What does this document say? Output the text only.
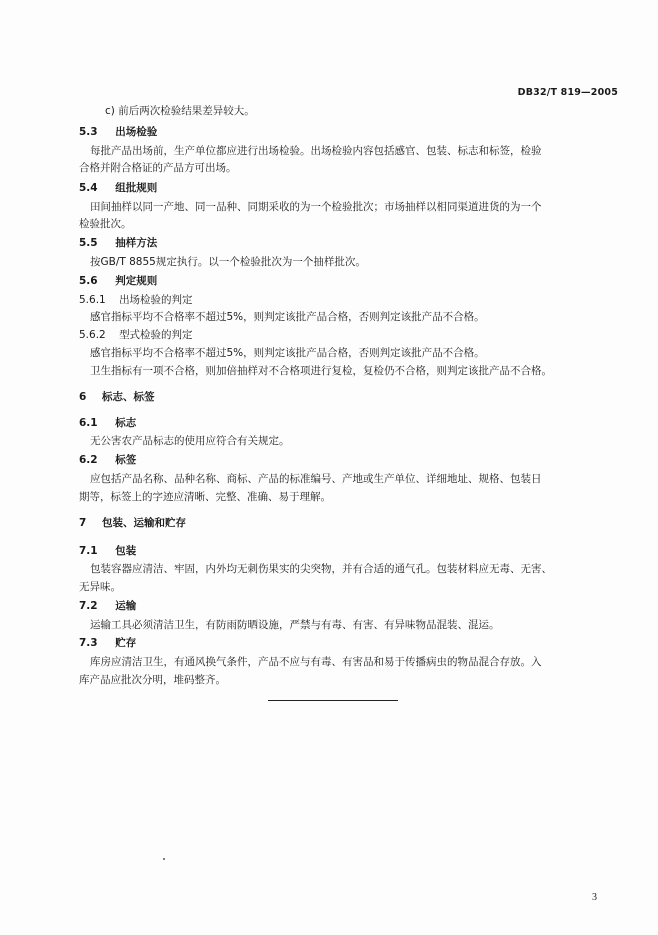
DB32/T 819—2005
c) 前后两次检验结果差异较大。
5.3 出场检验
每批产品出场前，生产单位都应进行出场检验。出场检验内容包括感官、包装、标志和标签，检验
合格并附合格证的产品方可出场。
5.4 组批规则
田间抽样以同一产地、同一品种、同期采收的为一个检验批次；市场抽样以相同渠道进货的为一个
检验批次。
5.5 抽样方法
按GB/T 8855规定执行。以一个检验批次为一个抽样批次。
5.6 判定规则
5.6.1 出场检验的判定
感官指标平均不合格率不超过5%，则判定该批产品合格，否则判定该批产品不合格。
5.6.2 型式检验的判定
感官指标平均不合格率不超过5%，则判定该批产品合格，否则判定该批产品不合格。
卫生指标有一项不合格，则加倍抽样对不合格项进行复检，复检仍不合格，则判定该批产品不合格。
6 标志、标签
6.1 标志
无公害农产品标志的使用应符合有关规定。
6.2 标签
应包括产品名称、品种名称、商标、产品的标准编号、产地或生产单位、详细地址、规格、包装日
期等，标签上的字迹应清晰、完整、准确、易于理解。
7 包装、运输和贮存
7.1 包装
包装容器应清洁、牢固，内外均无刺伤果实的尖突物，并有合适的通气孔。包装材料应无毒、无害、
无异味。
7.2 运输
运输工具必须清洁卫生，有防雨防晒设施，严禁与有毒、有害、有异味物品混装、混运。
7.3 贮存
库房应清洁卫生，有通风换气条件，产品不应与有毒、有害品和易于传播病虫的物品混合存放。入
库产品应批次分明，堆码整齐。
3
